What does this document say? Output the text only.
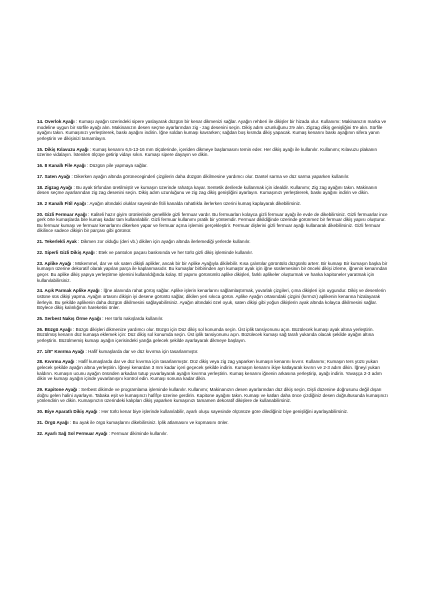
14. Overlok Ayağı : Kumaşı ayağın üzerindeki sipere yaslayarak düzgün bir kenar dikmenizi sağlar. Ayağın rehberi ile dikişler bir hizada olur. Kullanımı: Makinanızın marka ve modeline uygun bir sürfile ayağı alın. Makinanızın desen seçme ayarlarından zig - zag desenini seçin. Dikiş adım uzunluğunu 3'e alın. Zigzag dikiş genişliğini 5'e alın. Sürfile ayağını takın. Kumaşınızı yerleştirerek, baskı ayağını indirin. İğne soldan kumaşı kavrarken; sağdan boş kısmda dikiş yapacak. Kumaş kenarını baskı ayağının sifera yanın yerleştirin ve dikişinizi tamamlayın.

15. Dikiş Kılavuzu Ayağı : Kumaş kenarını 6,5-13-16 mm ölçülerinde, içeriden dikmeye başlamasını temin eder. Her dikiş ayağı ile kullanılır. Kullanımı; Kılavuzu plakanın üzerine vidalayın. İstenilen ölçüye getirip vidayı sıkın. Kumaşı sipere dayayın ve dikin.

16. 8 Kanallı File Ayağı : Düzgün pile yapmaya sağlar.

17. Saten Ayağı : Dikerken ayağın altında görünecegindeń çizgilerin daha düzgün dikilmesine yardımcı olur. Dantel sarma ve düz sarma yaparken kullanılır.

18. Zigzag Ayağı : Bu ayak tirfondan üretilmiştir ve kumaşın üzerinde rahatça kayar. Sentetik derilerde kullanmak için idealdir. Kullanımı; Zig zag ayağını takın. Makinanın desen seçme ayarlarından zig zag desenini seçin. Dikiş adım uzunluğunu ve zig zag dikiş genişliğini ayarlayın. Kumaşınızı yerleştirerek, baskı ayağını indirin ve dikin.

19. 2 Kanallı Fitil Ayağı : Ayağın altındaki oluklar sayesinde fitili kanalda rahatlıkla ilerlerken üzerini kumaş kaplayarak dikebilirsiniz.

20. Gizli Fermuar Ayağı : Kaliteli hazır giyim ürünlerinde genellikle gizli fermuar vardır. Bu fermuarları kolayca gizli fermuar ayağı ile evde de dikebilirsiniz. Gizli fermuarlar ince gerk örte kumaşlarda bile kumaş kadar tam kullanılabilir. Gizli fermuar kullanımı pratik bir yöntemdir. Fermuar dikildiğinde üzerinde görünmez bir fermuar dikiş yapısı oluşturur. Bu fermuar kumaşı ve fermuar kenarlarını dikerken yapar ve fermuar açma işlemini gerçekleştirir. Fermuar dişlerini gizli fermuar ayağı kullanarak dikebilirsiniz. Gizli fermuar dikilince sadece dikişin bir parçası gibi görünür.

21. Tekerlekli Ayak : Dikmen zor olduğu (deri vb.) dikilen için ayağın altında ilerlemediği yerlerde kullanılır.

22. Siperli Gizli Dikiş Ayağı : Etek ve pantolon paçası baskısında ve her türlü gizli dikiş işleminde kullanılır.

23. Aplike Ayağı : Mükemmel, dar ve sık saten dikişli aplikler, ancak bir bir Aplike Ayağıyla dikilebilir. Kısa çalıntılar görüntülü düzgünlü arterr. Bir kumaşı Bir kumaşın başka bir kumaşın üzerine dekoratif olarak yapılan parça ile kaplanmasıdır. Bu kumaşlar birbirinden ayrı kumaştır ayak için iğne süslemesinin bir önceki dikişi izleme, iğnenin kenarından geçer. Bu aplike dikiş yapıya yerleştirme işlemini kullanıldığında kolay. El yapımı görünümlü aplike dikişleri, farklı aplikeler oluşturmak ve hanka kapitoneler yaratmak için kullanılabilirsiniz.

24. Açık Parmak Aplike Ayağı : İğne alanında rahat görüş sağlar. Aplike işlerin kenarlarını sağlamlaştırmak, yuvarlak çizgileri, çıma dikişleri için uygundur. Dikiş ve desenlerin üstüne süs dikişi yapma. Ayağın ortasını dikişin iyi desene görüntü sağlar, dikilen yeri sıkıca görün. Aplike Ayağın ortasındaki çizgini (kırmızı) aplikenin kenarına hizalayarak ilerleyin. Bu şekilde aplikenin daha düzgün dikilmesini sağlayabilirsiniz. Ayağın altındaki özel oyuk, saten dikişi gibi yoğun dikişlerin ayak altında kolayca dikilmesini sağlar. Böylece dikiş kalınlığının hareketini önler.

25. Serbest Nakış Örme Ayağı : Her türlü nakışlarda kullanılır.

26. Büzgü Ayağı : Büzgü dikişleri dikmenize yardımcı olur. Büzgü için Düz dikiş sol konumda seçin. Üst iplik tansiyonunu açın. Büzülecek kumaşı ayak altına yerleştirin. Büzülmüş kenarın düz kumaşa eklemek için: Düz dikiş sol konumda seçin. Üst iplik tansiyonunu açın. Büzülecek kumaşı sağ tarafı yukarıda olacak şekilde ayağın altına yerleştirin. Büzülmemiş kumaşı ayağın içerisindeki yarığa gelecek şekilde ayarlayarak dikmeye başlayın.

27. 1/8" Kıvırma Ayağı : Hafif kumaşlarda dar ve düz kıvırma için tasarlanmıştır.

28. Kıvırma Ayağı : Hafif kumaşlarda dar ve düz kıvırma için tasarlanmıştır. Düz dikiş veya zig zag yaparken kumaşın kenarını kıvırır. Kullanımı; Kumaşın ters yüzü yukarı gelecek şekilde ayağın altına yerleştirin. İğneyi kenardan 3 mm kadar içeri geçecek şekilde indirin. Kumaşın kenarını ikiye katlayarak kıvırın ve 2-3 adım dikin. İğneyi yukarı kaldırın. Kumaşın ucunu ayağın önünden arkadan tutup yuvarlayarak ayağın kıvırma yerleştirin. Kumaş kenarını iğnenin arkasına yerleştirip, ayağı indirin. Yavaşça 2-3 adım dikin ve kumaşı ayağın içinde yuvarlanışını kontrol edin. Kumaşı sonuna kadar dikin.

29. Kapitone Ayağı : Serbest dikimde ve programlama işleminde kullanılır. Kullanımı; Makinanızın desen ayarlarından düz dikiş seçin. Dişli düzenine doğrusunu değil dışarı doğru gelen halini ayarlayın. Tabaka eşit ve kumaşınızı hafifçe üzerine gerdirin. Kapitone ayağını takın. Kumaşı ve katları daha önce çizdiğiniz desen doğrultusunda kumaşınızı yönlendirin ve dikin. Kumaşınızın üzerindeki kalıpları dikiş yaparken kumaşınızı tamamen dekoratif dikişlere de kullanabilirsiniz.

30. Biye Aparatlı Dikiş Ayağı : Her türlü kenar biye işlerinde kullanılabilir, ayarlı oluşu sayesinde ölçünüze göre dilediğiniz biye genişliğini ayarlayabilirsiniz.

31. Örgü Ayağı : Bu ayak ile örgü kumaşlarını dikebilirsiniz. İplik atlamasını ve kopmasını önler.

32. Ayarlı Sağ Sol Fermuar Ayağı : Fermuar dikiminde kullanılır.
